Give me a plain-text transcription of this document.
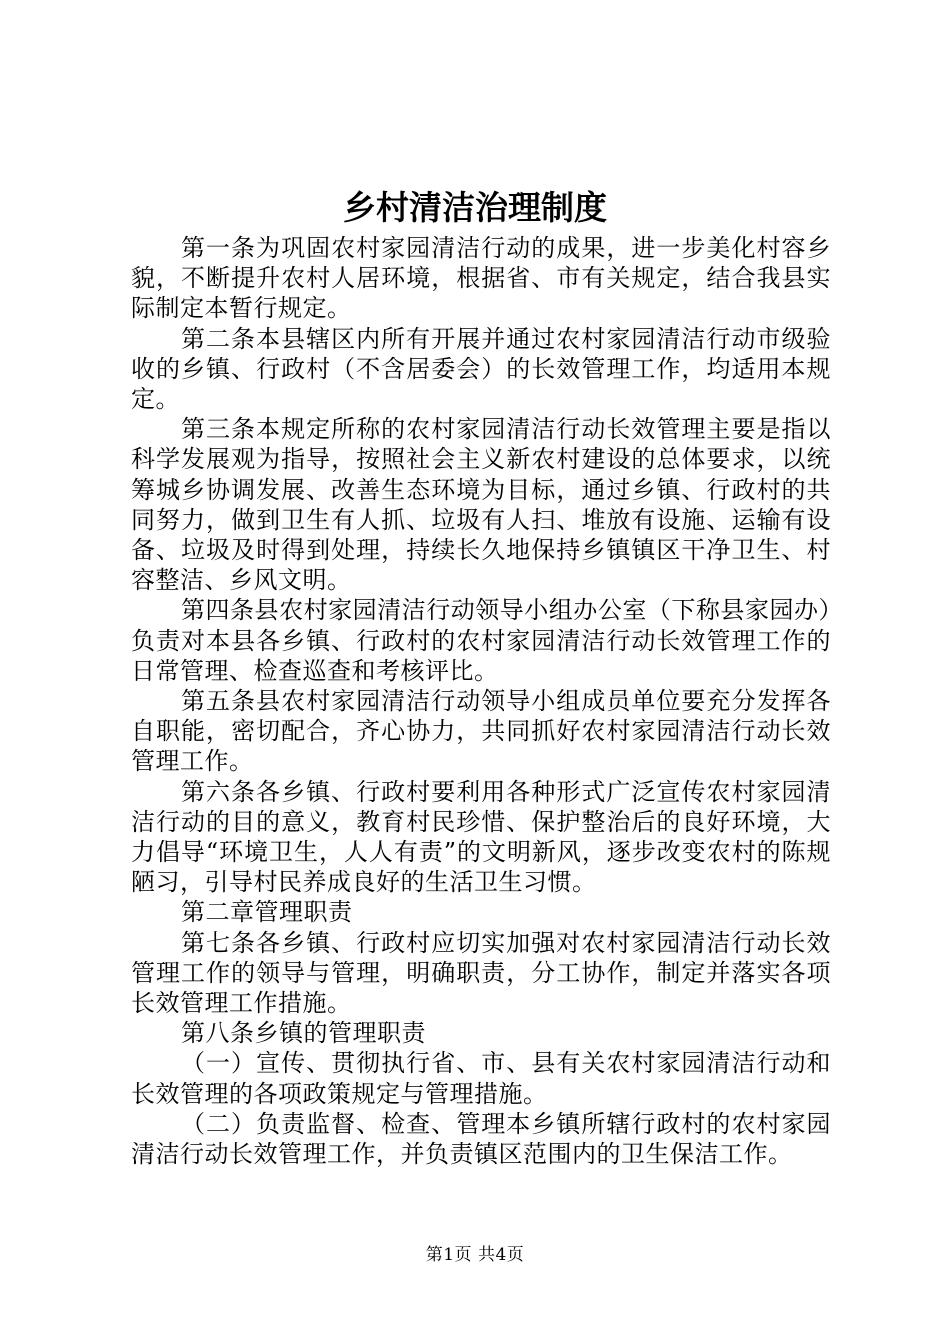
乡村清洁治理制度

第一条为巩固农村家园清洁行动的成果，进一步美化村容乡貌，不断提升农村人居环境，根据省、市有关规定，结合我县实际制定本暂行规定。

第二条本县辖区内所有开展并通过农村家园清洁行动市级验收的乡镇、行政村（不含居委会）的长效管理工作，均适用本规定。

第三条本规定所称的农村家园清洁行动长效管理主要是指以科学发展观为指导，按照社会主义新农村建设的总体要求，以统筹城乡协调发展、改善生态环境为目标，通过乡镇、行政村的共同努力，做到卫生有人抓、垃圾有人扫、堆放有设施、运输有设备、垃圾及时得到处理，持续长久地保持乡镇镇区干净卫生、村容整洁、乡风文明。

第四条县农村家园清洁行动领导小组办公室（下称县家园办）负责对本县各乡镇、行政村的农村家园清洁行动长效管理工作的日常管理、检查巡查和考核评比。

第五条县农村家园清洁行动领导小组成员单位要充分发挥各自职能，密切配合，齐心协力，共同抓好农村家园清洁行动长效管理工作。

第六条各乡镇、行政村要利用各种形式广泛宣传农村家园清洁行动的目的意义，教育村民珍惜、保护整治后的良好环境，大力倡导“环境卫生，人人有责”的文明新风，逐步改变农村的陈规陋习，引导村民养成良好的生活卫生习惯。

第二章管理职责

第七条各乡镇、行政村应切实加强对农村家园清洁行动长效管理工作的领导与管理，明确职责，分工协作，制定并落实各项长效管理工作措施。

第八条乡镇的管理职责

（一）宣传、贯彻执行省、市、县有关农村家园清洁行动和长效管理的各项政策规定与管理措施。

（二）负责监督、检查、管理本乡镇所辖行政村的农村家园清洁行动长效管理工作，并负责镇区范围内的卫生保洁工作。

第1页 共4页
